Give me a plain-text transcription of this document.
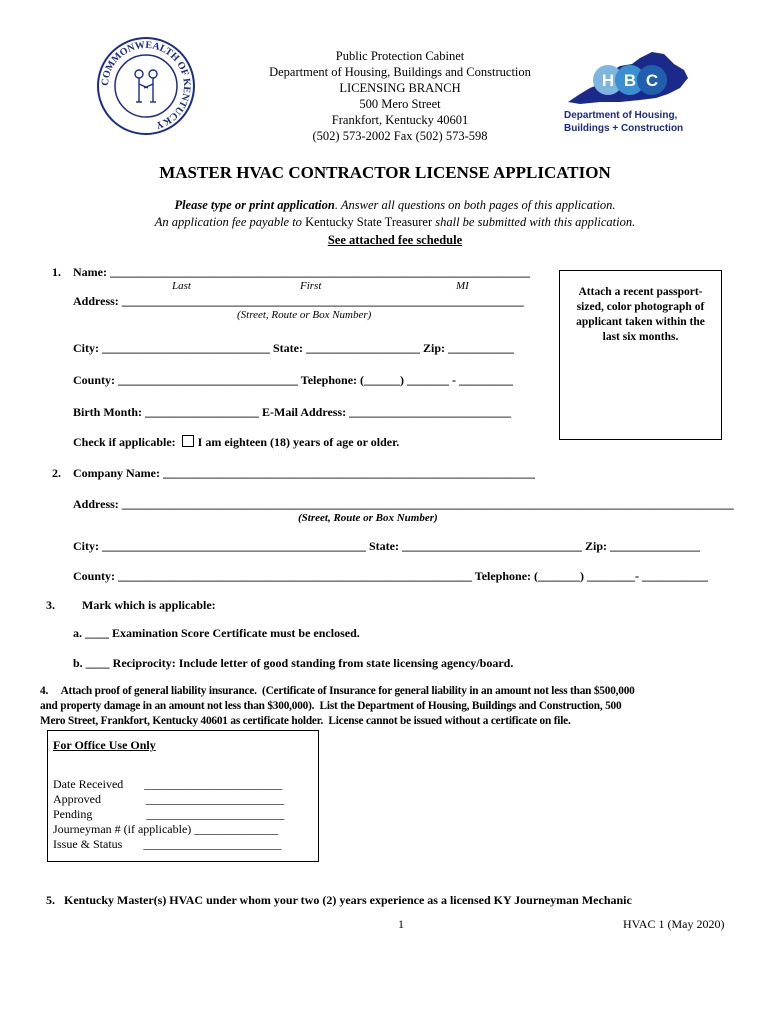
COMMONWEALTH OF KENTUCKY
Public Protection Cabinet
Department of Housing, Buildings and Construction
LICENSING BRANCH
500 Mero Street
Frankfort, Kentucky 40601
(502) 573-2002 Fax (502) 573-598
H B C
Department of Housing,
Buildings + Construction
MASTER HVAC CONTRACTOR LICENSE APPLICATION
Please type or print application. Answer all questions on both pages of this application.
An application fee payable to Kentucky State Treasurer shall be submitted with this application.
See attached fee schedule
1.    Name: ______________________________________________________________________
Last	First	MI
Address: ___________________________________________________________________
(Street, Route or Box Number)
City: ____________________________ State: ___________________ Zip: ___________
County: ______________________________ Telephone: (______) _______ - _________
Birth Month: ___________________ E-Mail Address: ___________________________
Check if applicable: I am eighteen (18) years of age or older.
Attach a recent passport-sized, color photograph of applicant taken within the last six months.
2.    Company Name: ______________________________________________________________
Address: ______________________________________________________________________________________________________
(Street, Route or Box Number)
City: ____________________________________________ State: ______________________________ Zip: _______________
County: ___________________________________________________________ Telephone: (_______) ________- ___________
3.         Mark which is applicable:
a. ____ Examination Score Certificate must be enclosed.
b. ____ Reciprocity: Include letter of good standing from state licensing agency/board.
4.     Attach proof of general liability insurance.  (Certificate of Insurance for general liability in an amount not less than $500,000
and property damage in an amount not less than $300,000).  List the Department of Housing, Buildings and Construction, 500
Mero Street, Frankfort, Kentucky 40601 as certificate holder.  License cannot be issued without a certificate on file.
For Office Use Only
Date Received       _______________________
Approved               _______________________
Pending                  _______________________
Journeyman # (if applicable) ______________
Issue & Status       _______________________
5.   Kentucky Master(s) HVAC under whom your two (2) years experience as a licensed KY Journeyman Mechanic
1	HVAC 1 (May 2020)
